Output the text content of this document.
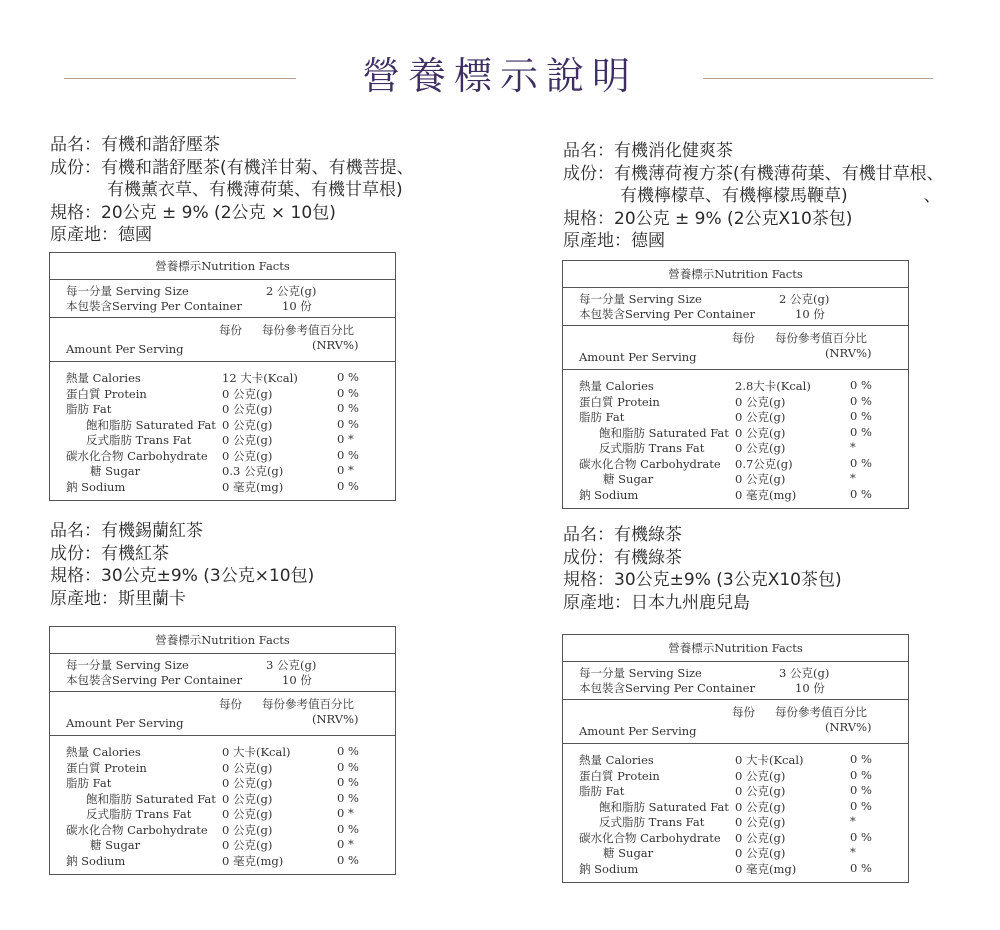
營養標示說明
品名： 有機和諧舒壓茶
成份： 有機和諧舒壓茶(有機洋甘菊、有機菩提、
有機薰衣草、有機薄荷葉、有機甘草根)
規格： 20公克 ± 9% (2公克 × 10包)
原產地： 德國
品名： 有機消化健爽茶
成份： 有機薄荷複方茶(有機薄荷葉、有機甘草根、
有機檸檬草、有機檸檬馬鞭草)	、
規格： 20公克 ± 9% (2公克X10茶包)
原產地： 德國
品名： 有機錫蘭紅茶
成份： 有機紅茶
規格： 30公克±9% (3公克×10包)
原產地： 斯里蘭卡
品名： 有機綠茶
成份： 有機綠茶
規格： 30公克±9% (3公克X10茶包)
原產地： 日本九州鹿兒島
營養標示Nutrition Facts
每一分量 Serving Size	2 公克(g)
本包裝含Serving Per Container	10 份
Amount Per Serving
每份 每份參考值百分比
(NRV%)
熱量 Calories	12 大卡(Kcal)	0 %
蛋白質 Protein	0 公克(g)	0 %
脂肪 Fat	0 公克(g)	0 %
飽和脂肪 Saturated Fat 0 公克(g)	0 %
反式脂肪 Trans Fat	0 公克(g)	0 *
碳水化合物 Carbohydrate 0 公克(g)	0 %
糖 Sugar	0.3 公克(g)	0 *
鈉 Sodium	0 毫克(mg)	0 %
營養標示Nutrition Facts
每一分量 Serving Size	2 公克(g)
本包裝含Serving Per Container	10 份
Amount Per Serving
每份 每份參考值百分比
(NRV%)
熱量 Calories	2.8大卡(Kcal)	0 %
蛋白質 Protein	0 公克(g)	0 %
脂肪 Fat	0 公克(g)	0 %
飽和脂肪 Saturated Fat 0 公克(g)	0 %
反式脂肪 Trans Fat	0 公克(g)	*
碳水化合物 Carbohydrate 0.7公克(g)	0 %
糖 Sugar	0 公克(g)	*
鈉 Sodium	0 毫克(mg)	0 %
營養標示Nutrition Facts
每一分量 Serving Size	3 公克(g)
本包裝含Serving Per Container	10 份
Amount Per Serving
每份 每份參考值百分比
(NRV%)
熱量 Calories	0 大卡(Kcal)	0 %
蛋白質 Protein	0 公克(g)	0 %
脂肪 Fat	0 公克(g)	0 %
飽和脂肪 Saturated Fat 0 公克(g)	0 %
反式脂肪 Trans Fat	0 公克(g)	0 *
碳水化合物 Carbohydrate 0 公克(g)	0 %
糖 Sugar	0 公克(g)	0 *
鈉 Sodium	0 毫克(mg)	0 %
營養標示Nutrition Facts
每一分量 Serving Size	3 公克(g)
本包裝含Serving Per Container	10 份
Amount Per Serving
每份 每份參考值百分比
(NRV%)
熱量 Calories	0 大卡(Kcal)	0 %
蛋白質 Protein	0 公克(g)	0 %
脂肪 Fat	0 公克(g)	0 %
飽和脂肪 Saturated Fat 0 公克(g)	0 %
反式脂肪 Trans Fat	0 公克(g)	*
碳水化合物 Carbohydrate 0 公克(g)	0 %
糖 Sugar	0 公克(g)	*
鈉 Sodium	0 毫克(mg)	0 %
